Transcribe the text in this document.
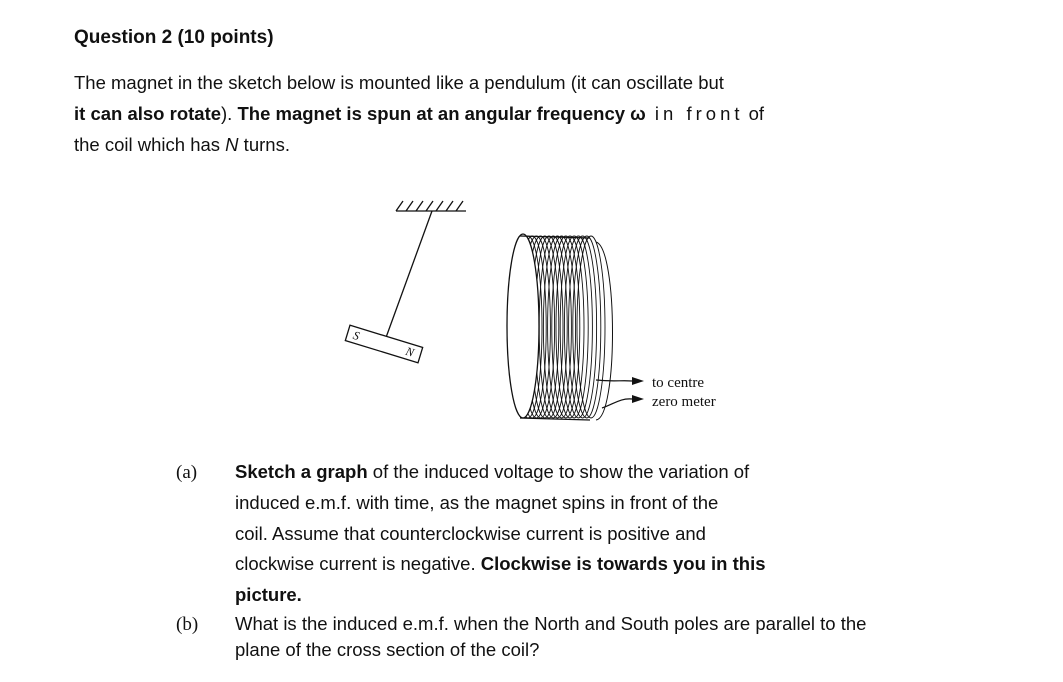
Question 2 (10 points)
The magnet in the sketch below is mounted like a pendulum (it can oscillate but
it can also rotate). The magnet is spun at an angular frequency ω in front of
the coil which has N turns.
S
N
to centre
zero meter
(a) Sketch a graph of the induced voltage to show the variation of
induced e.m.f. with time, as the magnet spins in front of the
coil. Assume that counterclockwise current is positive and
clockwise current is negative. Clockwise is towards you in this
picture.
(b) What is the induced e.m.f. when the North and South poles are parallel to the
plane of the cross section of the coil?
